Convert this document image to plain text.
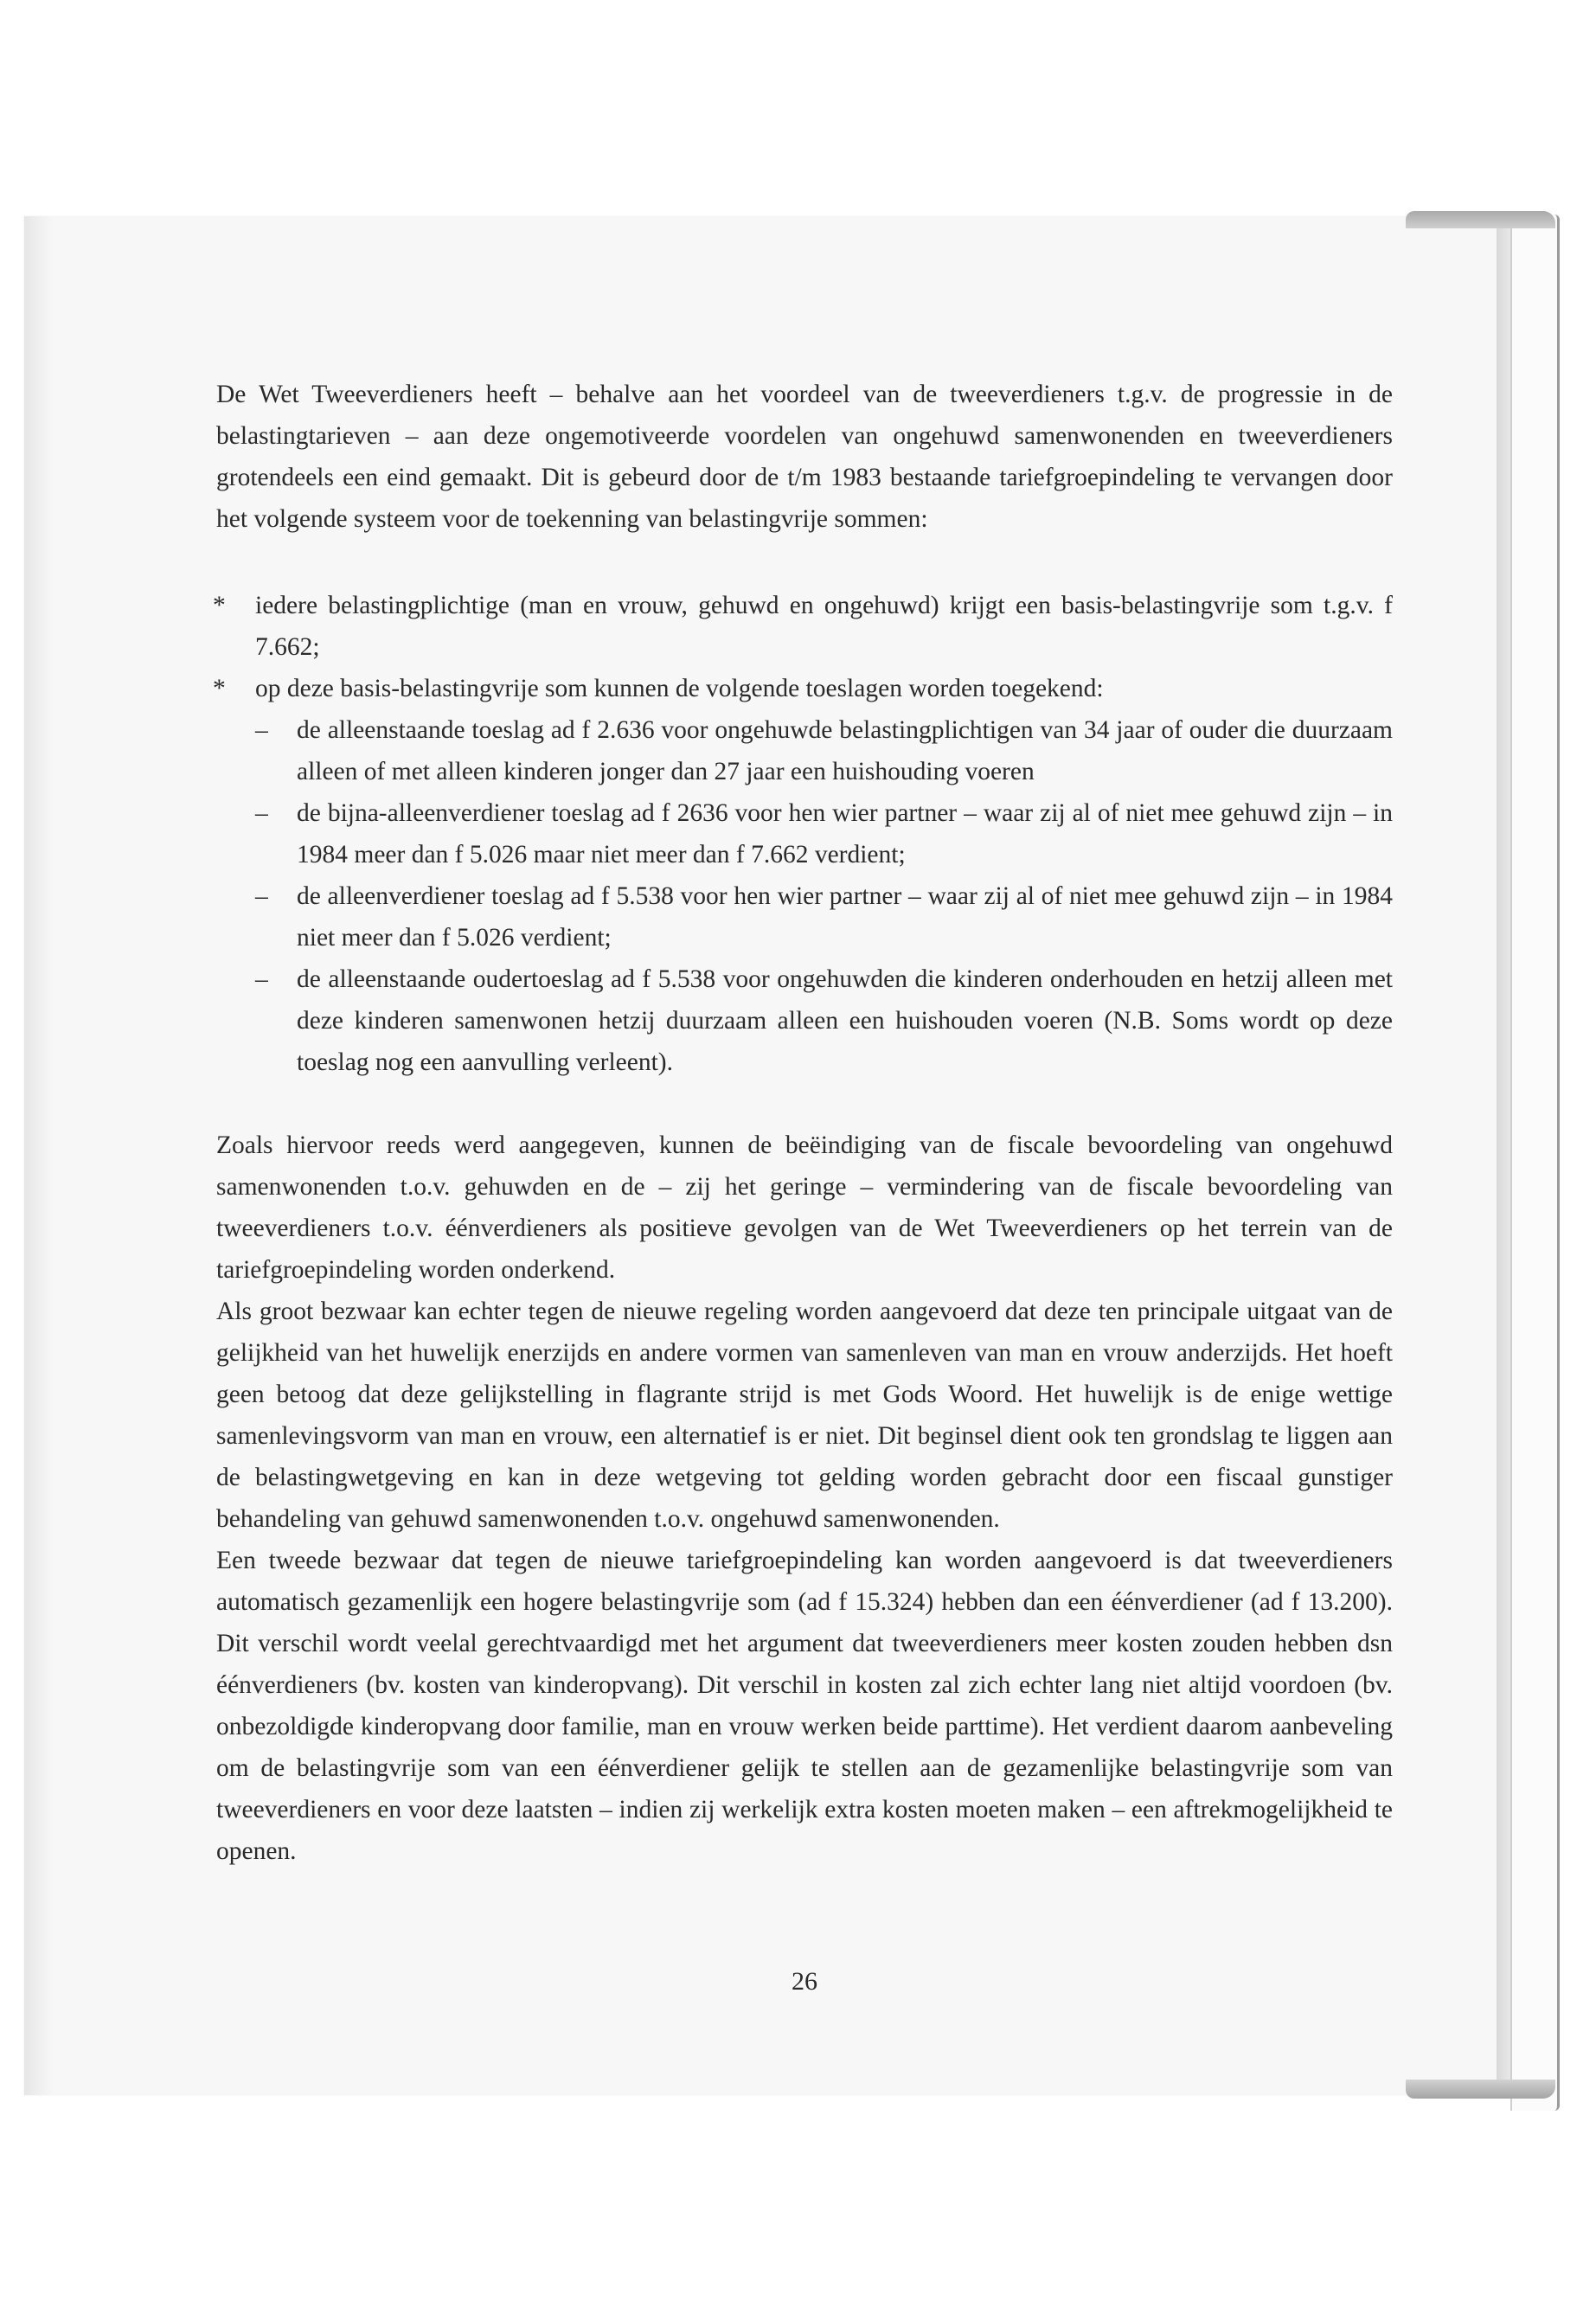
De Wet Tweeverdieners heeft – behalve aan het voordeel van de tweeverdieners t.g.v. de progressie in de belastingtarieven – aan deze ongemotiveerde voordelen van ongehuwd samenwonenden en tweeverdieners grotendeels een eind gemaakt. Dit is gebeurd door de t/m 1983 bestaande tariefgroepindeling te vervangen door het volgende systeem voor de toekenning van belastingvrije sommen:

* iedere belastingplichtige (man en vrouw, gehuwd en ongehuwd) krijgt een basis-belastingvrije som t.g.v. f 7.662;
* op deze basis-belastingvrije som kunnen de volgende toeslagen worden toegekend:
– de alleenstaande toeslag ad f 2.636 voor ongehuwde belastingplichtigen van 34 jaar of ouder die duurzaam alleen of met alleen kinderen jonger dan 27 jaar een huishouding voeren
– de bijna-alleenverdiener toeslag ad f 2636 voor hen wier partner – waar zij al of niet mee gehuwd zijn – in 1984 meer dan f 5.026 maar niet meer dan f 7.662 verdient;
– de alleenverdiener toeslag ad f 5.538 voor hen wier partner – waar zij al of niet mee gehuwd zijn – in 1984 niet meer dan f 5.026 verdient;
– de alleenstaande oudertoeslag ad f 5.538 voor ongehuwden die kinderen onderhouden en hetzij alleen met deze kinderen samenwonen hetzij duurzaam alleen een huishouden voeren (N.B. Soms wordt op deze toeslag nog een aanvulling verleent).

Zoals hiervoor reeds werd aangegeven, kunnen de beëindiging van de fiscale bevoordeling van ongehuwd samenwonenden t.o.v. gehuwden en de – zij het geringe – vermindering van de fiscale bevoordeling van tweeverdieners t.o.v. éénverdieners als positieve gevolgen van de Wet Tweeverdieners op het terrein van de tariefgroepindeling worden onderkend.

Als groot bezwaar kan echter tegen de nieuwe regeling worden aangevoerd dat deze ten principale uitgaat van de gelijkheid van het huwelijk enerzijds en andere vormen van samenleven van man en vrouw anderzijds. Het hoeft geen betoog dat deze gelijkstelling in flagrante strijd is met Gods Woord. Het huwelijk is de enige wettige samenlevingsvorm van man en vrouw, een alternatief is er niet. Dit beginsel dient ook ten grondslag te liggen aan de belastingwetgeving en kan in deze wetgeving tot gelding worden gebracht door een fiscaal gunstiger behandeling van gehuwd samenwonenden t.o.v. ongehuwd samenwonenden.

Een tweede bezwaar dat tegen de nieuwe tariefgroepindeling kan worden aangevoerd is dat tweeverdieners automatisch gezamenlijk een hogere belastingvrije som (ad f 15.324) hebben dan een éénverdiener (ad f 13.200). Dit verschil wordt veelal gerechtvaardigd met het argument dat tweeverdieners meer kosten zouden hebben dsn éénverdieners (bv. kosten van kinderopvang). Dit verschil in kosten zal zich echter lang niet altijd voordoen (bv. onbezoldigde kinderopvang door familie, man en vrouw werken beide parttime). Het verdient daarom aanbeveling om de belastingvrije som van een éénverdiener gelijk te stellen aan de gezamenlijke belastingvrije som van tweeverdieners en voor deze laatsten – indien zij werkelijk extra kosten moeten maken – een aftrekmogelijkheid te openen.

26
